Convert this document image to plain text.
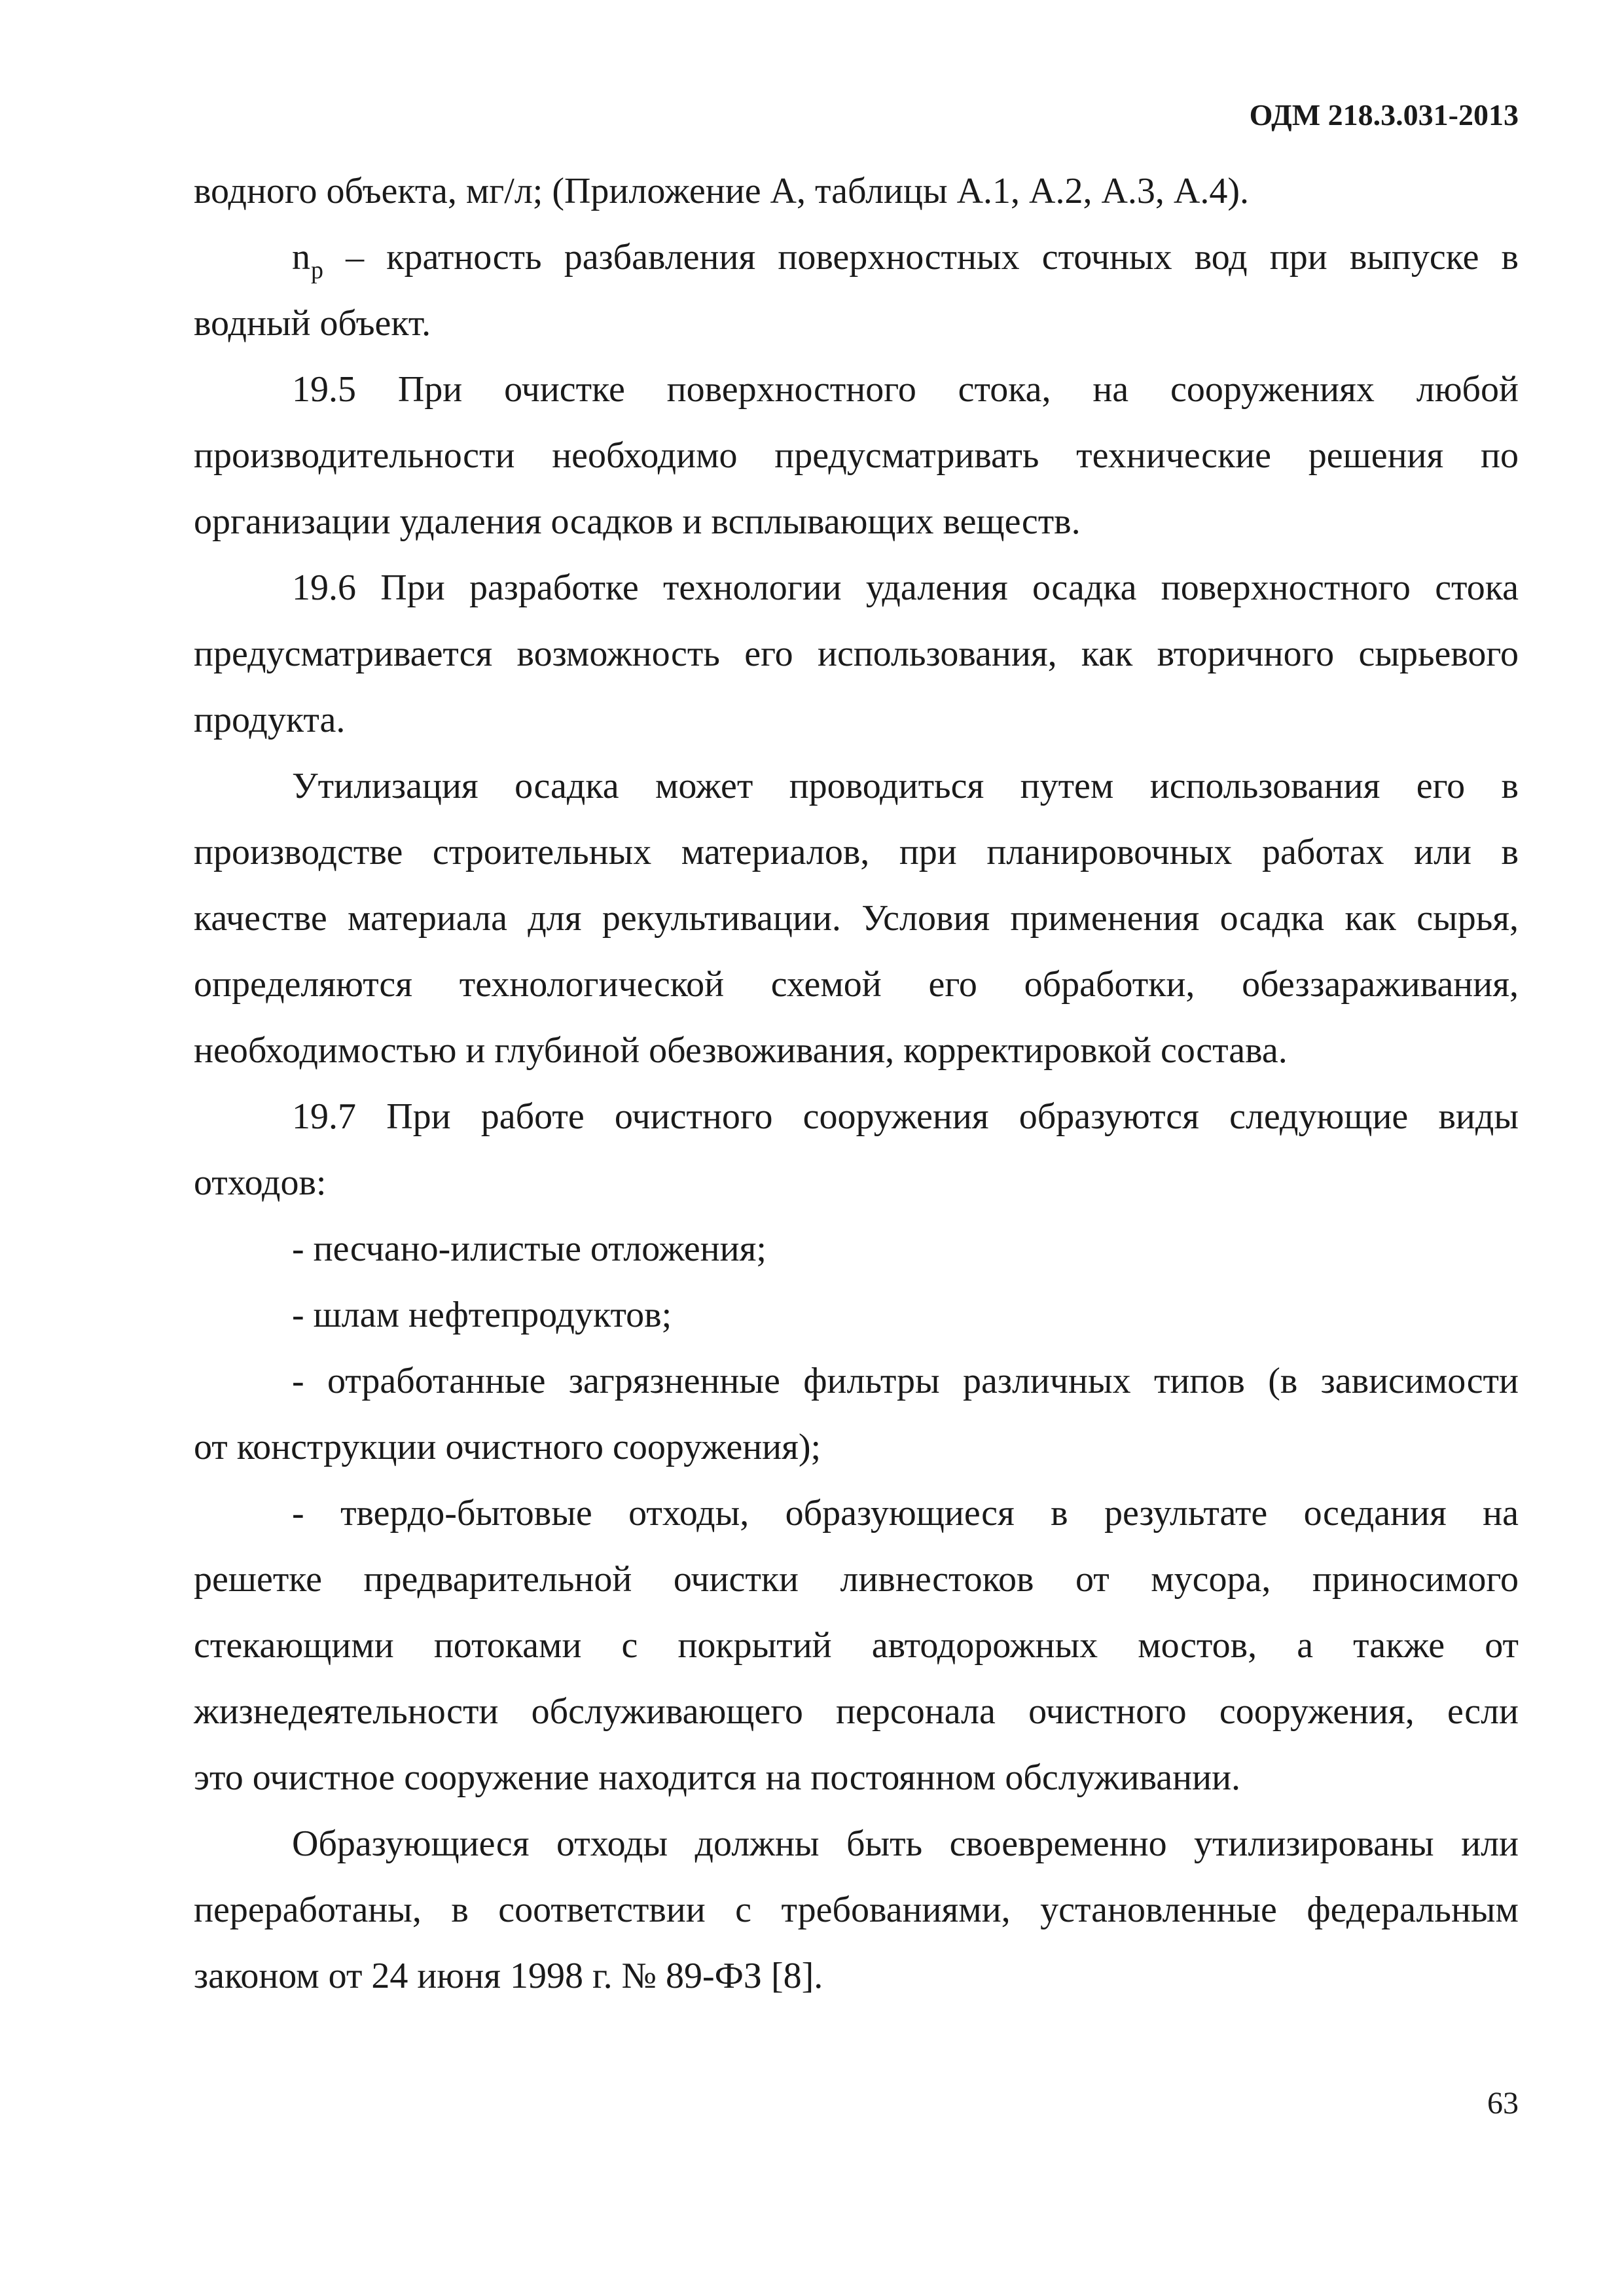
ОДМ 218.3.031-2013
водного объекта, мг/л; (Приложение А, таблицы А.1, А.2, А.3, А.4).
$n_p$ – кратность разбавления поверхностных сточных вод при выпуске в
водный объект.
19.5 При очистке поверхностного стока, на сооружениях любой
производительности необходимо предусматривать технические решения по
организации удаления осадков и всплывающих веществ.
19.6 При разработке технологии удаления осадка поверхностного стока
предусматривается возможность его использования, как вторичного сырьевого
продукта.
Утилизация осадка может проводиться путем использования его в
производстве строительных материалов, при планировочных работах или в
качестве материала для рекультивации. Условия применения осадка как сырья,
определяются технологической схемой его обработки, обеззараживания,
необходимостью и глубиной обезвоживания, корректировкой состава.
19.7 При работе очистного сооружения образуются следующие виды
отходов:
- песчано-илистые отложения;
- шлам нефтепродуктов;
- отработанные загрязненные фильтры различных типов (в зависимости
от конструкции очистного сооружения);
- твердо-бытовые отходы, образующиеся в результате оседания на
решетке предварительной очистки ливнестоков от мусора, приносимого
стекающими потоками с покрытий автодорожных мостов, а также от
жизнедеятельности обслуживающего персонала очистного сооружения, если
это очистное сооружение находится на постоянном обслуживании.
Образующиеся отходы должны быть своевременно утилизированы или
переработаны, в соответствии с требованиями, установленные федеральным
законом от 24 июня 1998 г. № 89-ФЗ [8].
63
